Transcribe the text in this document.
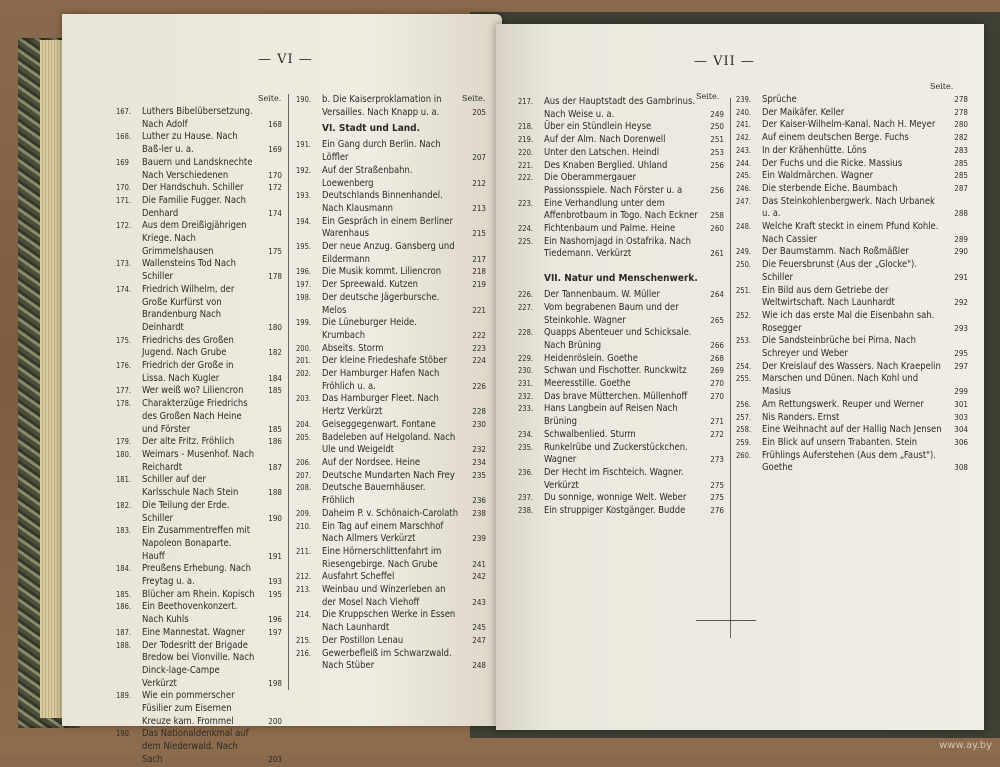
— VI —
Seite.	Seite.
167. Luthers Bibelübersetzung. Nach Adolf	168
168. Luther zu Hause. Nach Baß-ler u. a.	169
169 Bauern und Landsknechte Nach Verschiedenen	170
170. Der Handschuh. Schiller	172
171. Die Familie Fugger. Nach Denhard	174
172. Aus dem Dreißigjährigen Kriege. Nach Grimmelshausen	175
173. Wallensteins Tod Nach Schiller	178
174. Friedrich Wilhelm, der Große Kurfürst von Brandenburg Nach Deinhardt	180
175. Friedrichs des Großen Jugend. Nach Grube	182
176. Friedrich der Große in Lissa. Nach Kugler	184
177. Wer weiß wo? Liliencron	185
178. Charakterzüge Friedrichs des Großen Nach Heine und Förster	185
179. Der alte Fritz. Fröhlich	186
180. Weimars - Musenhof. Nach Reichardt	187
181. Schiller auf der Karlsschule Nach Stein	188
182. Die Teilung der Erde. Schiller	190
183. Ein Zusammentreffen mit Napoleon Bonaparte. Hauff	191
184. Preußens Erhebung. Nach Freytag u. a.	193
185. Blücher am Rhein. Kopisch 195
186. Ein Beethovenkonzert. Nach Kuhls	196
187. Eine Mannestat. Wagner	197
188. Der Todesritt der Brigade Bredow bei Vionville. Nach Dinck-lage-Campe Verkürzt	198
189. Wie ein pommerscher Füsilier zum Eisernen Kreuze kam. Frommel	200
190. Das Nationaldenkmal auf dem Niederwald. Nach Sach	203
190. b. Die Kaiserproklamation in Versailles. Nach Knapp u. a.	205
VI. Stadt und Land.
191. Ein Gang durch Berlin. Nach Löffler	207
192. Auf der Straßenbahn. Loewenberg	212
193. Deutschlands Binnenhandel. Nach Klausmann	213
194. Ein Gespräch in einem Berliner Warenhaus	215
195. Der neue Anzug. Gansberg und Eildermann	217
196. Die Musik kommt. Liliencron	218
197. Der Spreewald. Kutzen	219
198. Der deutsche Jägerbursche. Melos	221
199. Die Lüneburger Heide. Krumbach	222
200. Abseits. Storm	223
201. Der kleine Friedeshafe Stöber	224
202. Der Hamburger Hafen Nach Fröhlich u. a.	226
203. Das Hamburger Fleet. Nach Hertz Verkürzt	228
204. Geiseggegenwart. Fontane	230
205. Badeleben auf Helgoland. Nach Ule und Weigeldt	232
206. Auf der Nordsee. Heine	234
207. Deutsche Mundarten Nach Frey	235
208. Deutsche Bauernhäuser. Fröhlich	236
209. Daheim P. v. Schönaich-Carolath 238
210. Ein Tag auf einem Marschhof Nach Allmers Verkürzt	239
211. Eine Hörnerschlittenfahrt im Riesengebirge. Nach Grube	241
212. Ausfahrt Scheffel	242
213. Weinbau und Winzerleben an der Mosel Nach Viehoff	243
214. Die Kruppschen Werke in Essen Nach Launhardt	245
215. Der Postillon Lenau	247
216. Gewerbefleiß im Schwarzwald. Nach Stüber	248
— VII —
Seite.
Seite.
217. Aus der Hauptstadt des Gambrinus. Nach Weise u. a.	249
218. Über ein Stündlein Heyse	250
219. Auf der Alm. Nach Dorenwell	251
220. Unter den Latschen. Heindl	253
221. Des Knaben Berglied. Uhland	256
222. Die Oberammergauer Passionsspiele. Nach Förster u. a	256
223. Eine Verhandlung unter dem Affenbrotbaum in Togo. Nach Eckner 258
224. Fichtenbaum und Palme. Heine	260
225. Ein Nashornjagd in Ostafrika. Nach Tiedemann. Verkürzt	261
VII. Natur und Menschenwerk.
226. Der Tannenbaum. W. Müller	264
227. Vom begrabenen Baum und der Steinkohle. Wagner	265
228. Quapps Abenteuer und Schicksale. Nach Brüning	266
229. Heidenröslein. Goethe	268
230. Schwan und Fischotter. Runckwitz	269
231. Meeresstille. Goethe	270
232. Das brave Mütterchen. Müllenhoff	270
233. Hans Langbein auf Reisen Nach Brüning	271
234. Schwalbenlied. Sturm	272
235. Runkelrübe und Zuckerstückchen. Wagner	273
236. Der Hecht im Fischteich. Wagner. Verkürzt	275
237. Du sonnige, wonnige Welt. Weber	275
238. Ein struppiger Kostgänger. Budde	276
239. Sprüche	278
240. Der Maikäfer. Keller	278
241. Der Kaiser-Wilhelm-Kanal. Nach H. Meyer	280
242. Auf einem deutschen Berge. Fuchs	282
243. In der Krähenhütte. Löns	283
244. Der Fuchs und die Ricke. Massius	285
245. Ein Waldmärchen. Wagner	285
246. Die sterbende Eiche. Baumbach	287
247. Das Steinkohlenbergwerk. Nach Urbanek u. a.	288
248. Welche Kraft steckt in einem Pfund Kohle. Nach Cassier	289
249. Der Baumstamm. Nach Roßmäßler	290
250. Die Feuersbrunst (Aus der „Glocke"). Schiller	291
251. Ein Bild aus dem Getriebe der Weltwirtschaft. Nach Launhardt	292
252. Wie ich das erste Mal die Eisenbahn sah. Rosegger	293
253. Die Sandsteinbrüche bei Pirna. Nach Schreyer und Weber	295
254. Der Kreislauf des Wassers. Nach Kraepelin 297
255. Marschen und Dünen. Nach Kohl und Masius	299
256. Am Rettungswerk. Reuper und Werner	301
257. Nis Randers. Ernst	303
258. Eine Weihnacht auf der Hallig Nach Jensen 304
259. Ein Blick auf unsern Trabanten. Stein	306
260. Frühlings Auferstehen (Aus dem „Faust"). Goethe	308
www.ay.by
